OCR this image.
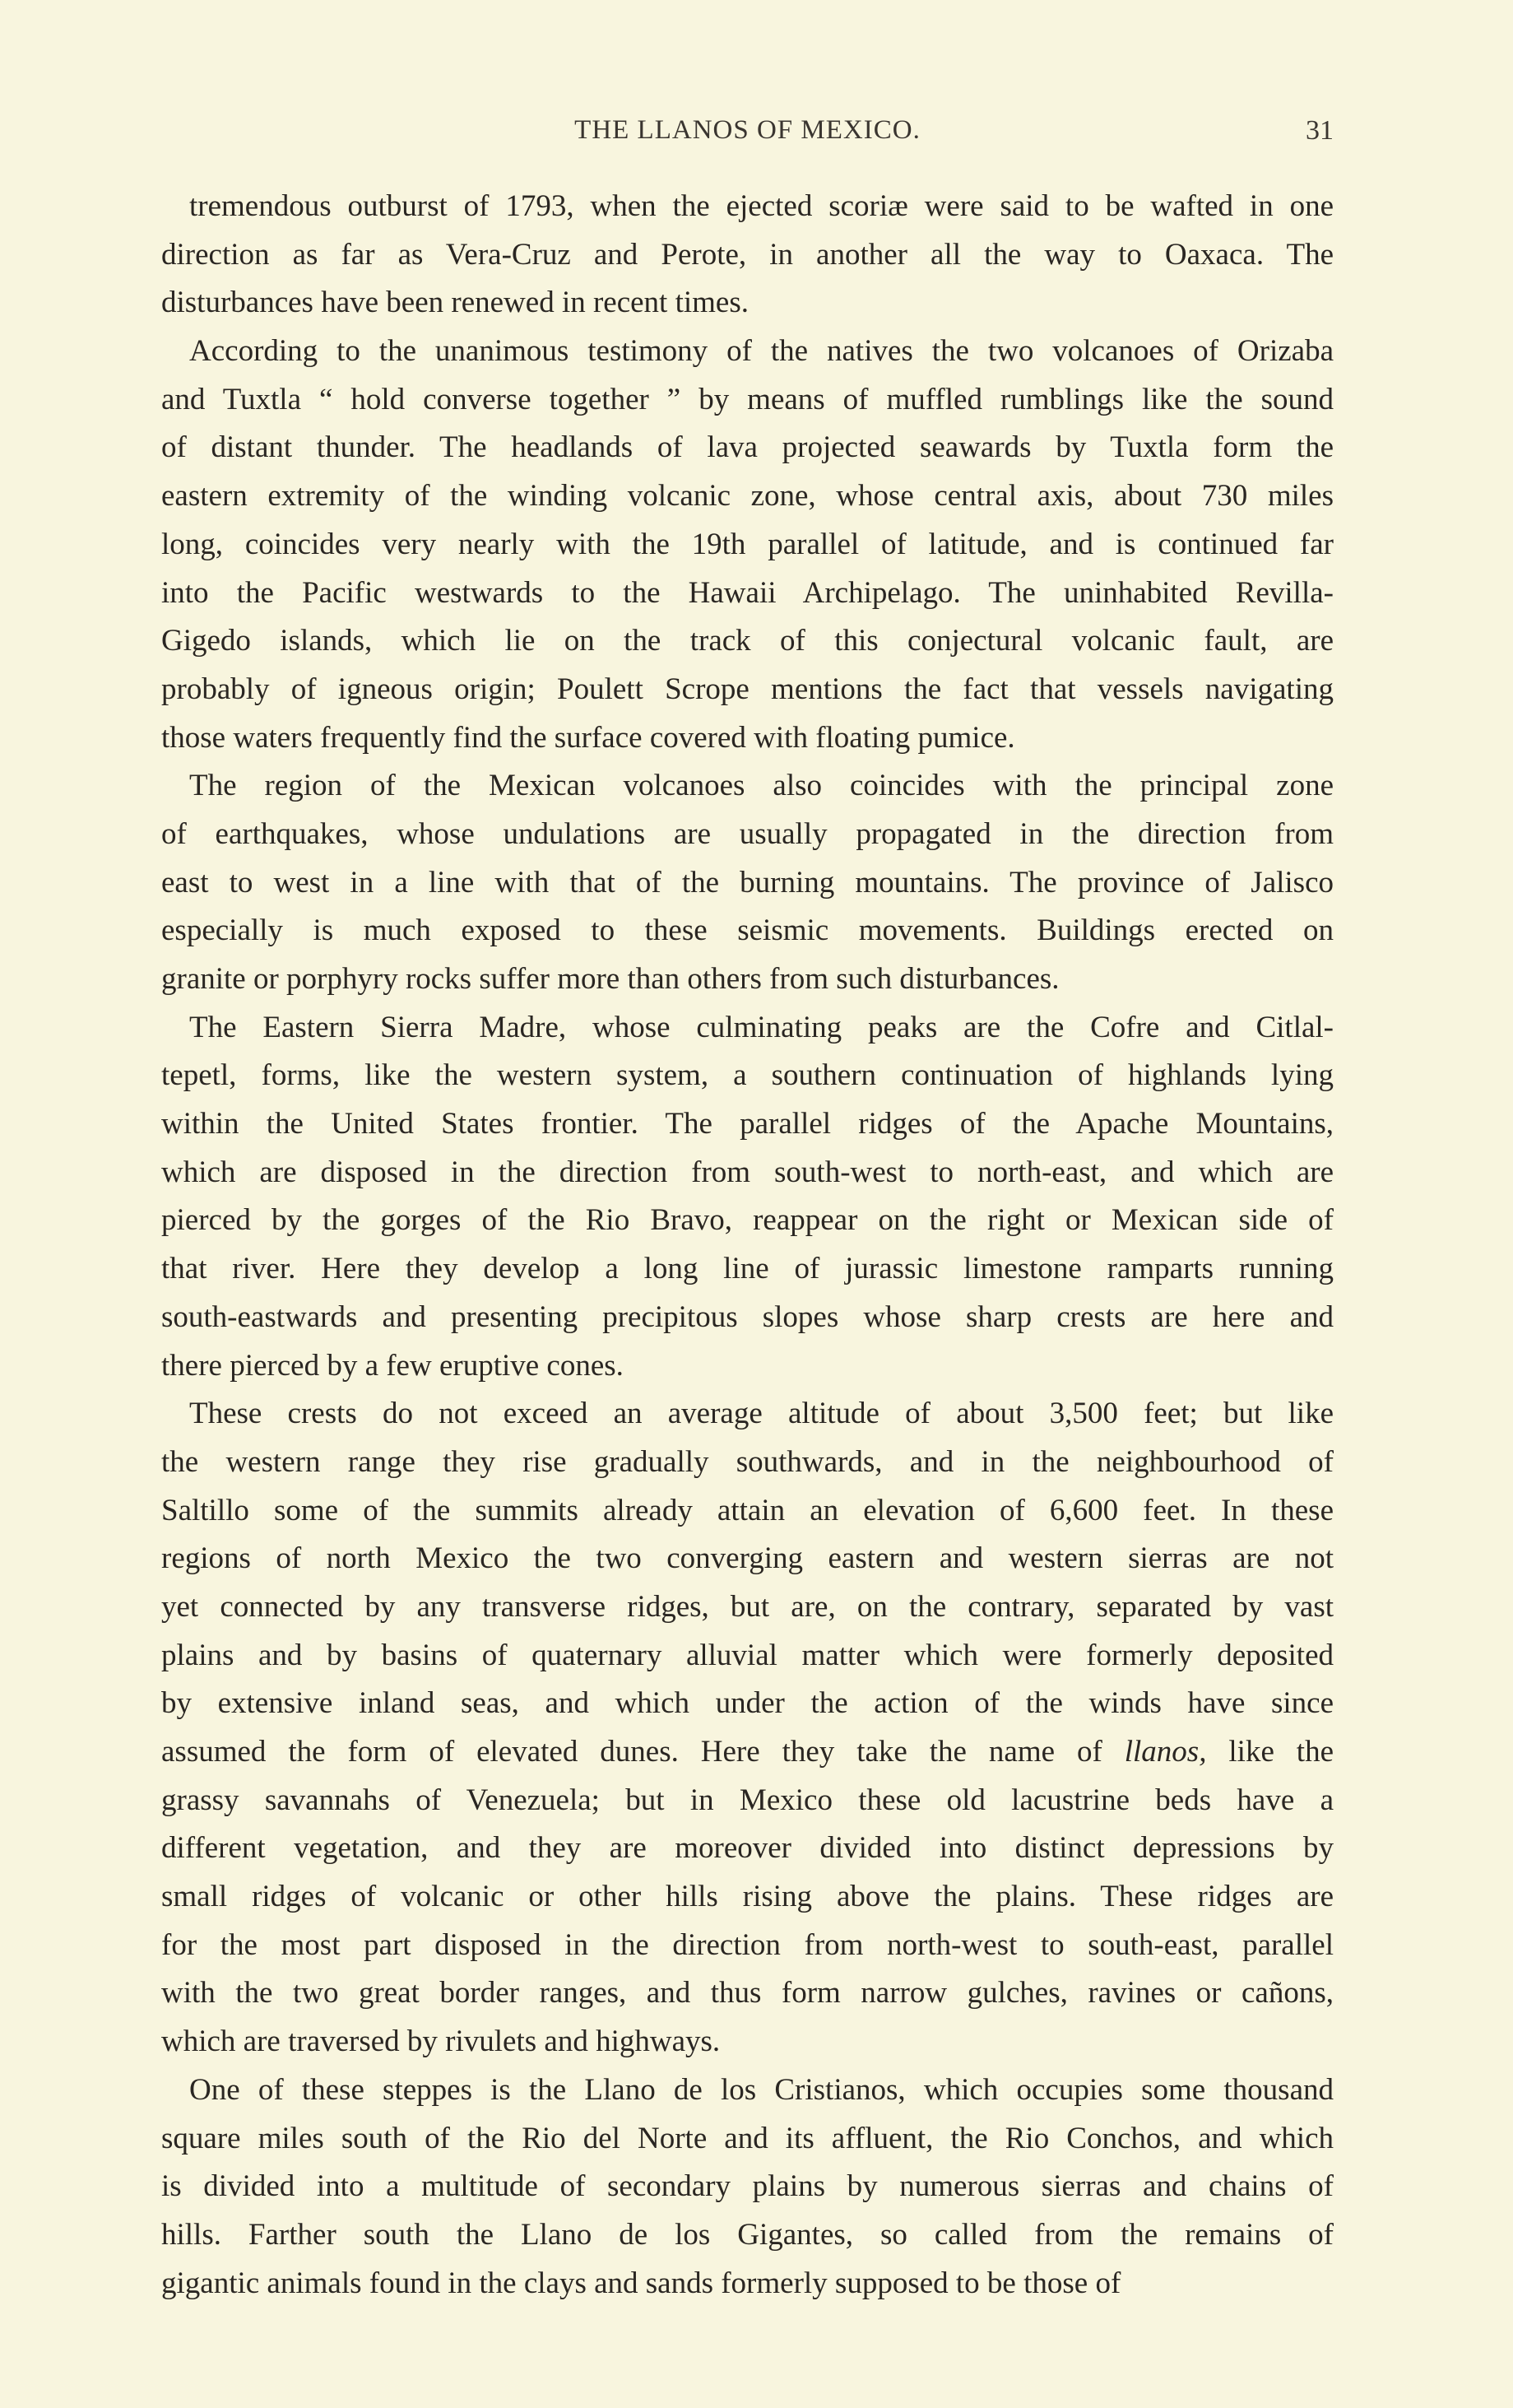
THE LLANOS OF MEXICO.	31
tremendous outburst of 1793, when the ejected scoriæ were said to be wafted in one
direction as far as Vera-Cruz and Perote, in another all the way to Oaxaca. The
disturbances have been renewed in recent times.
According to the unanimous testimony of the natives the two volcanoes of Orizaba
and Tuxtla “ hold converse together ” by means of muffled rumblings like the sound
of distant thunder. The headlands of lava projected seawards by Tuxtla form the
eastern extremity of the winding volcanic zone, whose central axis, about 730 miles
long, coincides very nearly with the 19th parallel of latitude, and is continued far
into the Pacific westwards to the Hawaii Archipelago. The uninhabited Revilla-
Gigedo islands, which lie on the track of this conjectural volcanic fault, are
probably of igneous origin; Poulett Scrope mentions the fact that vessels navigating
those waters frequently find the surface covered with floating pumice.
The region of the Mexican volcanoes also coincides with the principal zone
of earthquakes, whose undulations are usually propagated in the direction from
east to west in a line with that of the burning mountains. The province of Jalisco
especially is much exposed to these seismic movements. Buildings erected on
granite or porphyry rocks suffer more than others from such disturbances.
The Eastern Sierra Madre, whose culminating peaks are the Cofre and Citlal-
tepetl, forms, like the western system, a southern continuation of highlands lying
within the United States frontier. The parallel ridges of the Apache Mountains,
which are disposed in the direction from south-west to north-east, and which are
pierced by the gorges of the Rio Bravo, reappear on the right or Mexican side of
that river. Here they develop a long line of jurassic limestone ramparts running
south-eastwards and presenting precipitous slopes whose sharp crests are here and
there pierced by a few eruptive cones.
These crests do not exceed an average altitude of about 3,500 feet; but like
the western range they rise gradually southwards, and in the neighbourhood of
Saltillo some of the summits already attain an elevation of 6,600 feet. In these
regions of north Mexico the two converging eastern and western sierras are not
yet connected by any transverse ridges, but are, on the contrary, separated by vast
plains and by basins of quaternary alluvial matter which were formerly deposited
by extensive inland seas, and which under the action of the winds have since
assumed the form of elevated dunes. Here they take the name of llanos, like the
grassy savannahs of Venezuela; but in Mexico these old lacustrine beds have a
different vegetation, and they are moreover divided into distinct depressions by
small ridges of volcanic or other hills rising above the plains. These ridges are
for the most part disposed in the direction from north-west to south-east, parallel
with the two great border ranges, and thus form narrow gulches, ravines or cañons,
which are traversed by rivulets and highways.
One of these steppes is the Llano de los Cristianos, which occupies some thousand
square miles south of the Rio del Norte and its affluent, the Rio Conchos, and which
is divided into a multitude of secondary plains by numerous sierras and chains of
hills. Farther south the Llano de los Gigantes, so called from the remains of
gigantic animals found in the clays and sands formerly supposed to be those of
